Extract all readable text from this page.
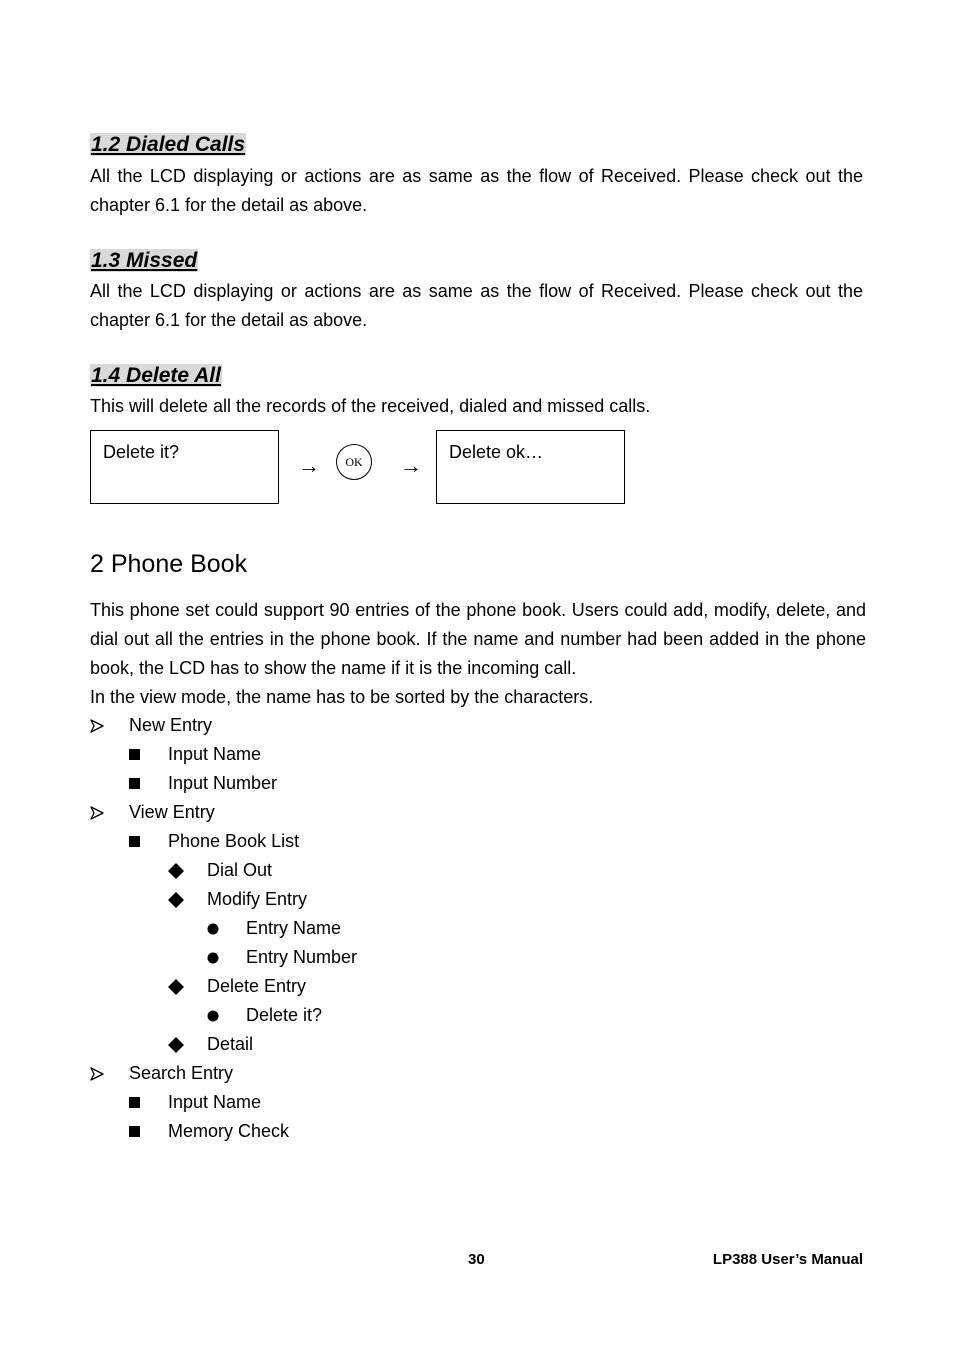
1.2 Dialed Calls
All the LCD displaying or actions are as same as the flow of Received. Please check out the chapter 6.1 for the detail as above.
1.3 Missed
All the LCD displaying or actions are as same as the flow of Received. Please check out the chapter 6.1 for the detail as above.
1.4 Delete All
This will delete all the records of the received, dialed and missed calls.
Delete it?
→ OK →
Delete ok…
2 Phone Book
This phone set could support 90 entries of the phone book. Users could add, modify, delete, and dial out all the entries in the phone book. If the name and number had been added in the phone book, the LCD has to show the name if it is the incoming call.
In the view mode, the name has to be sorted by the characters.
New Entry
Input Name
Input Number
View Entry
Phone Book List
Dial Out
Modify Entry
Entry Name
Entry Number
Delete Entry
Delete it?
Detail
Search Entry
Input Name
Memory Check
30	LP388 User’s Manual
